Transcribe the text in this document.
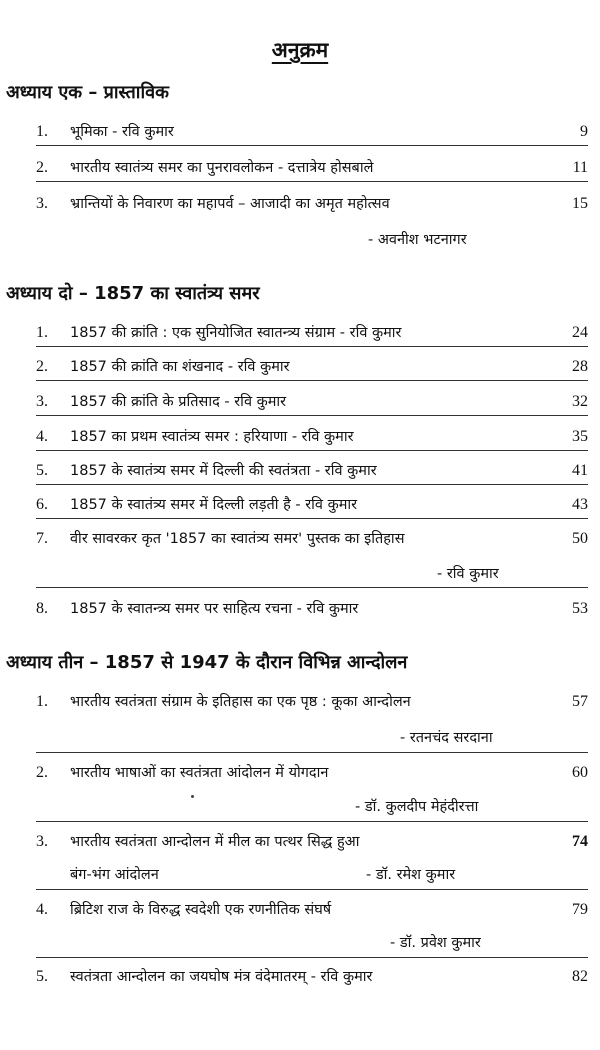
अनुक्रम
अध्याय एक – प्रास्ताविक
1.	भूमिका - रवि कुमार	9
2.	भारतीय स्वातंत्र्य समर का पुनरावलोकन - दत्तात्रेय होसबाले	11
3.	भ्रान्तियों के निवारण का महापर्व – आजादी का अमृत महोत्सव	15
- अवनीश भटनागर
अध्याय दो – 1857 का स्वातंत्र्य समर
1.	1857 की क्रांति : एक सुनियोजित स्वातन्त्र्य संग्राम - रवि कुमार	24
2.	1857 की क्रांति का शंखनाद - रवि कुमार	28
3.	1857 की क्रांति के प्रतिसाद - रवि कुमार	32
4.	1857 का प्रथम स्वातंत्र्य समर : हरियाणा - रवि कुमार	35
5.	1857 के स्वातंत्र्य समर में दिल्ली की स्वतंत्रता - रवि कुमार	41
6.	1857 के स्वातंत्र्य समर में दिल्ली लड़ती है - रवि कुमार	43
7.	वीर सावरकर कृत '1857 का स्वातंत्र्य समर' पुस्तक का इतिहास	50
- रवि कुमार
8.	1857 के स्वातन्त्र्य समर पर साहित्य रचना - रवि कुमार	53
अध्याय तीन – 1857 से 1947 के दौरान विभिन्न आन्दोलन
1.	भारतीय स्वतंत्रता संग्राम के इतिहास का एक पृष्ठ : कूका आन्दोलन	57
- रतनचंद सरदाना
2.	भारतीय भाषाओं का स्वतंत्रता आंदोलन में योगदान	60
- डॉ. कुलदीप मेहंदीरत्ता
3.	भारतीय स्वतंत्रता आन्दोलन में मील का पत्थर सिद्ध हुआ	74
बंग-भंग आंदोलन	- डॉ. रमेश कुमार
4.	ब्रिटिश राज के विरुद्ध स्वदेशी एक रणनीतिक संघर्ष	79
- डॉ. प्रवेश कुमार
5.	स्वतंत्रता आन्दोलन का जयघोष मंत्र वंदेमातरम् - रवि कुमार	82
